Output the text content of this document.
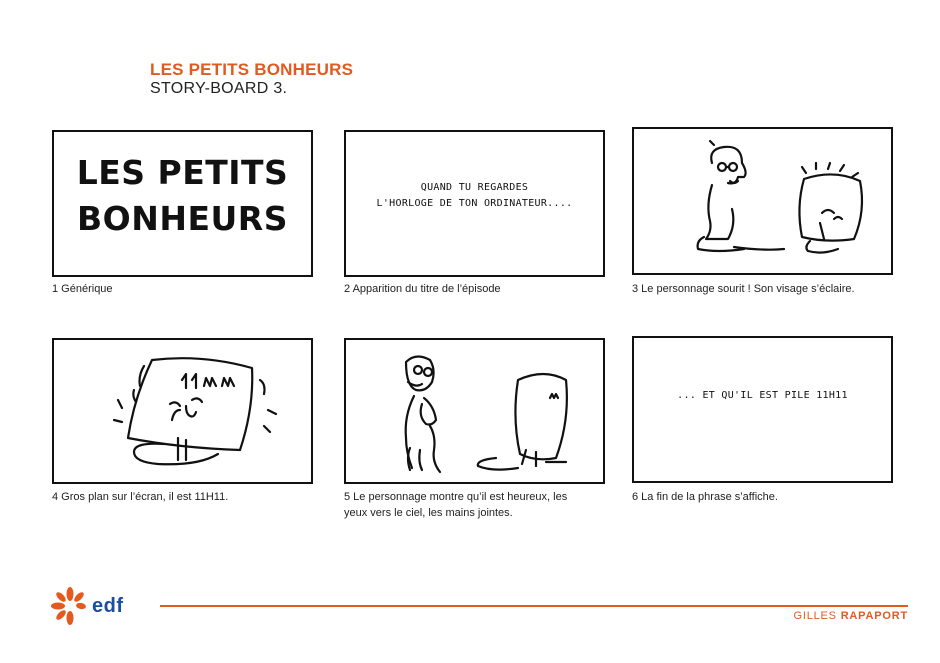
LES PETITS BONHEURS
STORY-BOARD 3.
LES PETITS
BONHEURS
1 Générique
QUAND TU REGARDES
L'HORLOGE DE TON ORDINATEUR....
2 Apparition du titre de l’épisode	3 Le personnage sourit ! Son visage s’éclaire.
4 Gros plan sur l’écran, il est 11H11.	5 Le personnage montre qu’il est heureux, les
yeux vers le ciel, les mains jointes.
... ET QU'IL EST PILE 11H11
6 La fin de la phrase s’affiche.
edf	GILLES RAPAPORT
